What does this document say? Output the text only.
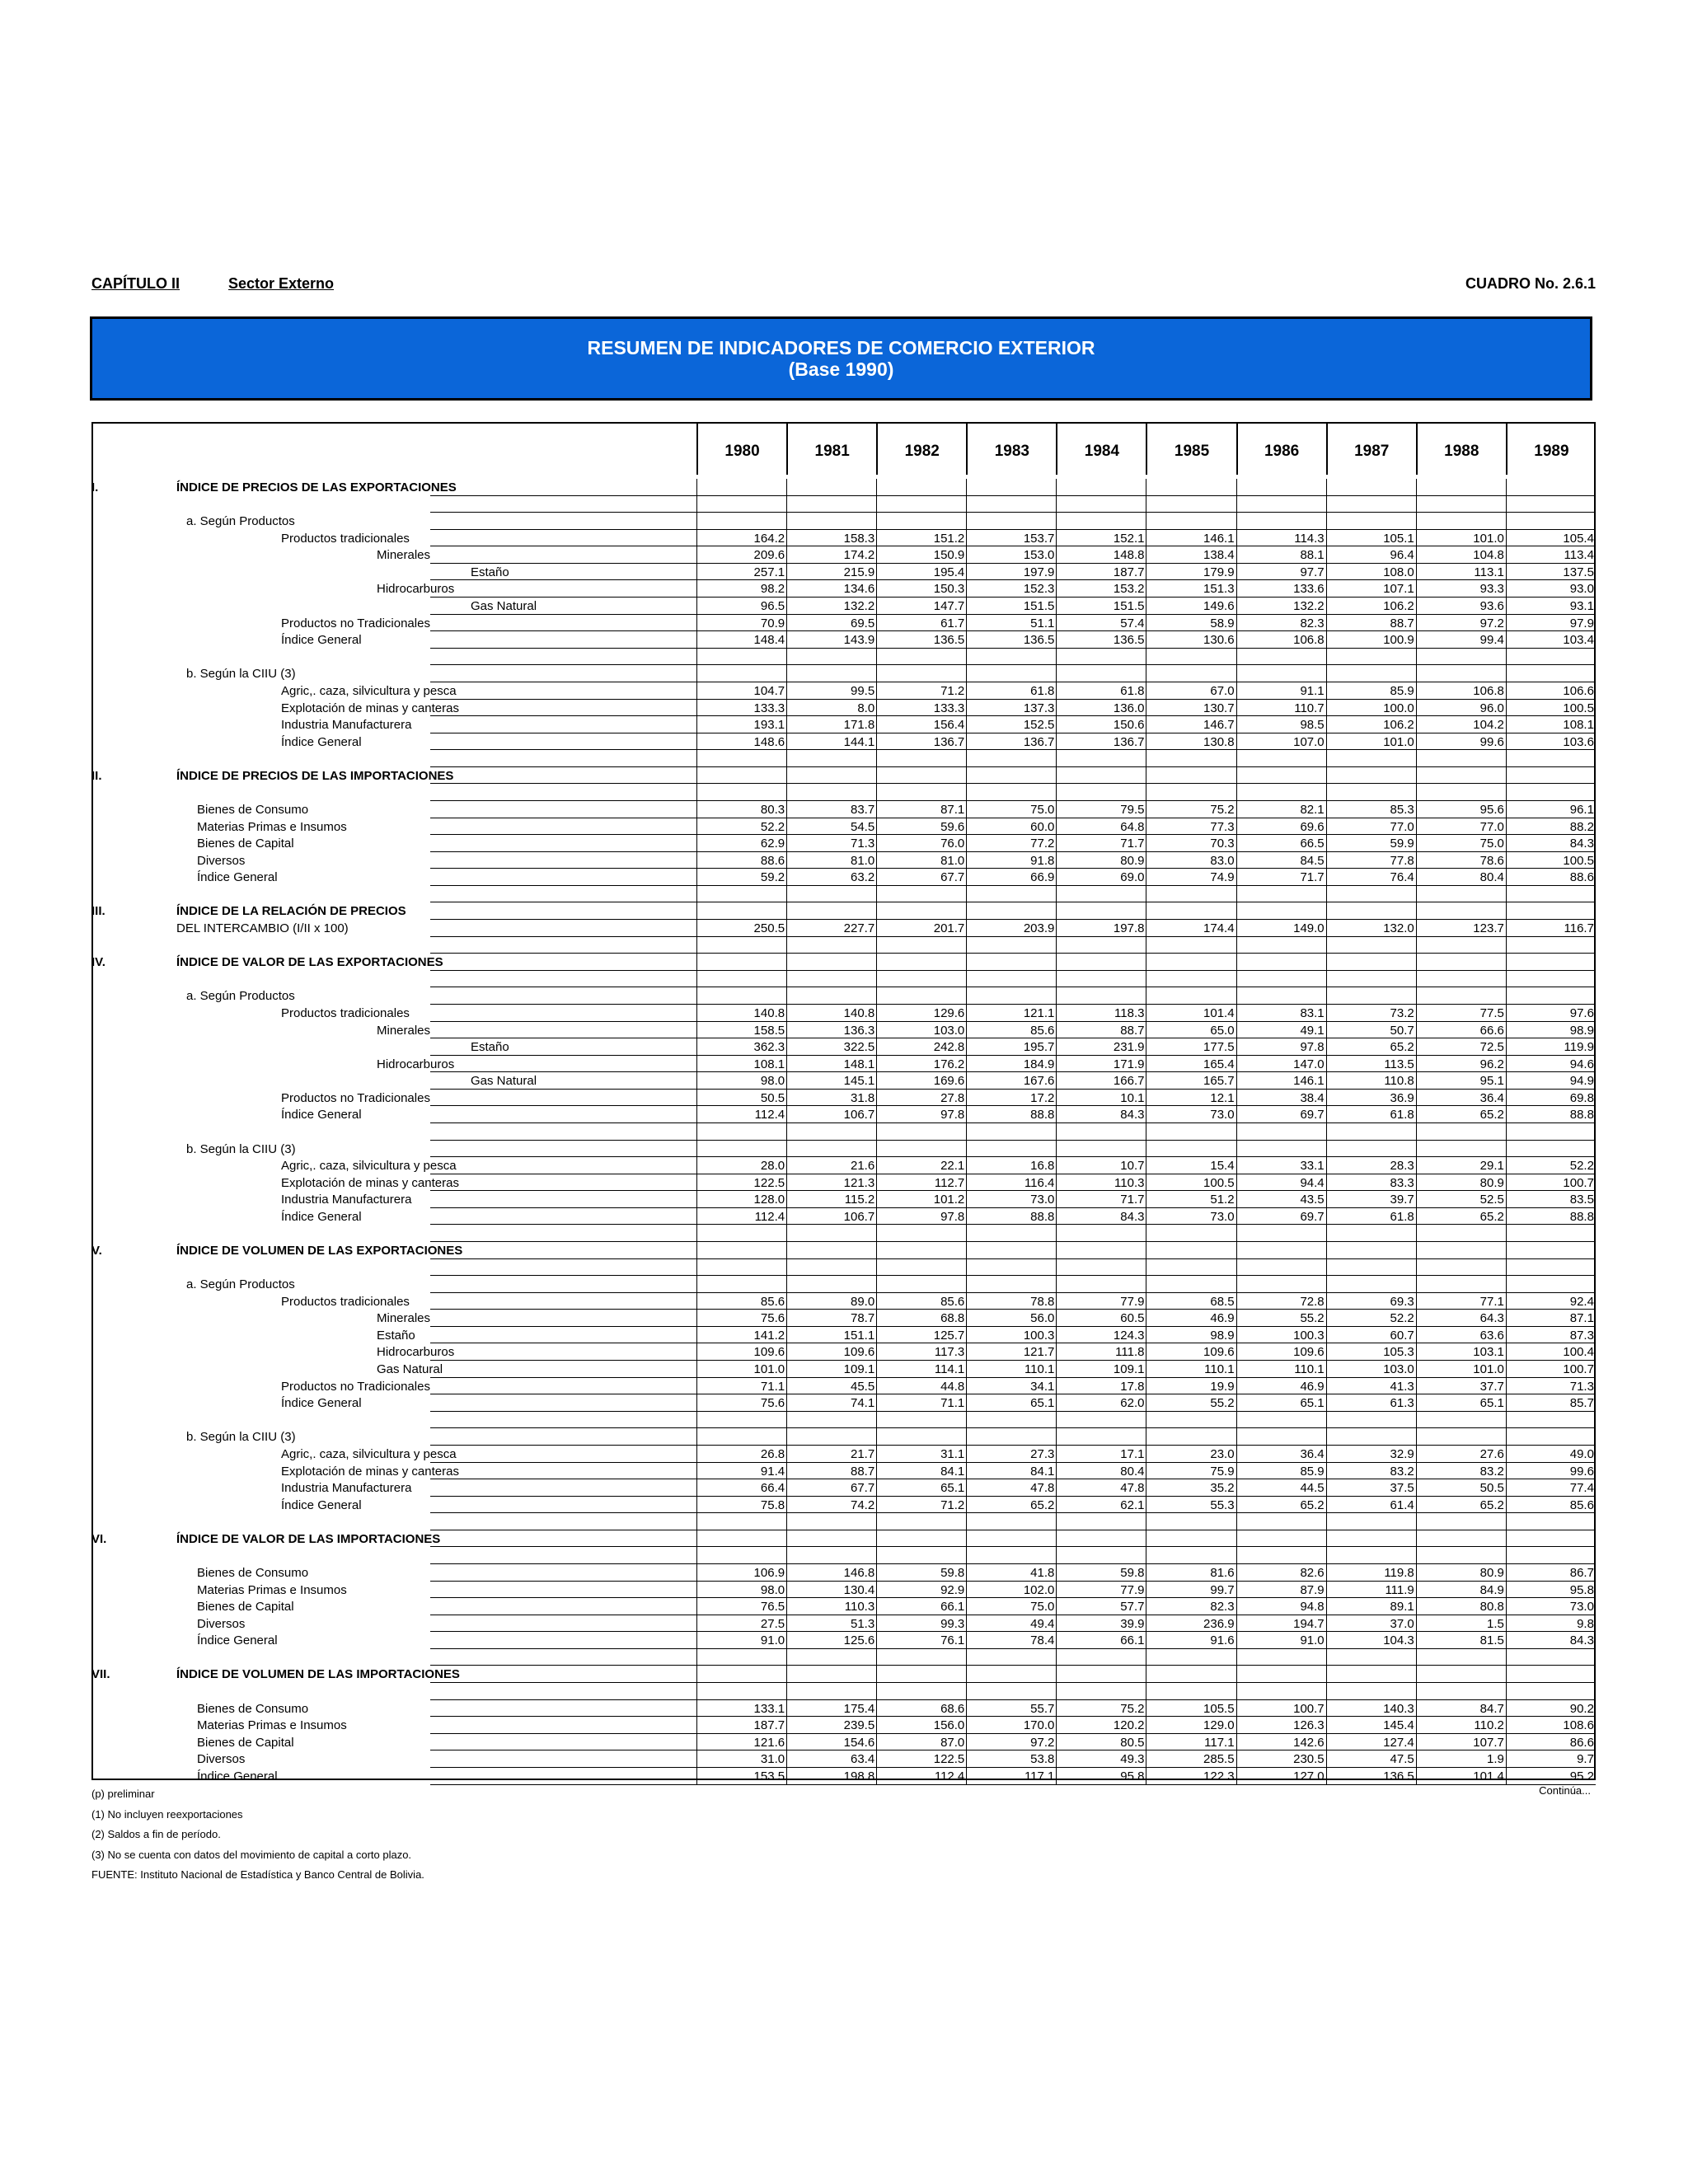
CAPÍTULO II	Sector Externo	CUADRO No. 2.6.1
RESUMEN DE INDICADORES DE COMERCIO EXTERIOR
(Base 1990)
1980	1981	1982	1983	1984	1985	1986	1987	1988	1989
I.	ÍNDICE DE PRECIOS DE LAS EXPORTACIONES
a. Según Productos
Productos tradicionales	164.2	158.3	151.2	153.7	152.1	146.1	114.3	105.1	101.0	105.4
Minerales	209.6	174.2	150.9	153.0	148.8	138.4	88.1	96.4	104.8	113.4
Estaño	257.1	215.9	195.4	197.9	187.7	179.9	97.7	108.0	113.1	137.5
Hidrocarburos	98.2	134.6	150.3	152.3	153.2	151.3	133.6	107.1	93.3	93.0
Gas Natural	96.5	132.2	147.7	151.5	151.5	149.6	132.2	106.2	93.6	93.1
Productos no Tradicionales	70.9	69.5	61.7	51.1	57.4	58.9	82.3	88.7	97.2	97.9
Índice General	148.4	143.9	136.5	136.5	136.5	130.6	106.8	100.9	99.4	103.4
b. Según la CIIU (3)
Agric,. caza, silvicultura y pesca	104.7	99.5	71.2	61.8	61.8	67.0	91.1	85.9	106.8	106.6
Explotación de minas y canteras	133.3	8.0	133.3	137.3	136.0	130.7	110.7	100.0	96.0	100.5
Industria Manufacturera	193.1	171.8	156.4	152.5	150.6	146.7	98.5	106.2	104.2	108.1
Índice General	148.6	144.1	136.7	136.7	136.7	130.8	107.0	101.0	99.6	103.6
II.	ÍNDICE DE PRECIOS DE LAS IMPORTACIONES
Bienes de Consumo	80.3	83.7	87.1	75.0	79.5	75.2	82.1	85.3	95.6	96.1
Materias Primas e Insumos	52.2	54.5	59.6	60.0	64.8	77.3	69.6	77.0	77.0	88.2
Bienes de Capital	62.9	71.3	76.0	77.2	71.7	70.3	66.5	59.9	75.0	84.3
Diversos	88.6	81.0	81.0	91.8	80.9	83.0	84.5	77.8	78.6	100.5
Índice General	59.2	63.2	67.7	66.9	69.0	74.9	71.7	76.4	80.4	88.6
III.	ÍNDICE DE LA RELACIÓN DE PRECIOS
DEL INTERCAMBIO (I/II x 100)	250.5	227.7	201.7	203.9	197.8	174.4	149.0	132.0	123.7	116.7
IV.	ÍNDICE DE VALOR DE LAS EXPORTACIONES
a. Según Productos
Productos tradicionales	140.8	140.8	129.6	121.1	118.3	101.4	83.1	73.2	77.5	97.6
Minerales	158.5	136.3	103.0	85.6	88.7	65.0	49.1	50.7	66.6	98.9
Estaño	362.3	322.5	242.8	195.7	231.9	177.5	97.8	65.2	72.5	119.9
Hidrocarburos	108.1	148.1	176.2	184.9	171.9	165.4	147.0	113.5	96.2	94.6
Gas Natural	98.0	145.1	169.6	167.6	166.7	165.7	146.1	110.8	95.1	94.9
Productos no Tradicionales	50.5	31.8	27.8	17.2	10.1	12.1	38.4	36.9	36.4	69.8
Índice General	112.4	106.7	97.8	88.8	84.3	73.0	69.7	61.8	65.2	88.8
b. Según la CIIU (3)
Agric,. caza, silvicultura y pesca	28.0	21.6	22.1	16.8	10.7	15.4	33.1	28.3	29.1	52.2
Explotación de minas y canteras	122.5	121.3	112.7	116.4	110.3	100.5	94.4	83.3	80.9	100.7
Industria Manufacturera	128.0	115.2	101.2	73.0	71.7	51.2	43.5	39.7	52.5	83.5
Índice General	112.4	106.7	97.8	88.8	84.3	73.0	69.7	61.8	65.2	88.8
V.	ÍNDICE DE VOLUMEN DE LAS EXPORTACIONES
a. Según Productos
Productos tradicionales	85.6	89.0	85.6	78.8	77.9	68.5	72.8	69.3	77.1	92.4
Minerales	75.6	78.7	68.8	56.0	60.5	46.9	55.2	52.2	64.3	87.1
Estaño	141.2	151.1	125.7	100.3	124.3	98.9	100.3	60.7	63.6	87.3
Hidrocarburos	109.6	109.6	117.3	121.7	111.8	109.6	109.6	105.3	103.1	100.4
Gas Natural	101.0	109.1	114.1	110.1	109.1	110.1	110.1	103.0	101.0	100.7
Productos no Tradicionales	71.1	45.5	44.8	34.1	17.8	19.9	46.9	41.3	37.7	71.3
Índice General	75.6	74.1	71.1	65.1	62.0	55.2	65.1	61.3	65.1	85.7
b. Según la CIIU (3)
Agric,. caza, silvicultura y pesca	26.8	21.7	31.1	27.3	17.1	23.0	36.4	32.9	27.6	49.0
Explotación de minas y canteras	91.4	88.7	84.1	84.1	80.4	75.9	85.9	83.2	83.2	99.6
Industria Manufacturera	66.4	67.7	65.1	47.8	47.8	35.2	44.5	37.5	50.5	77.4
Índice General	75.8	74.2	71.2	65.2	62.1	55.3	65.2	61.4	65.2	85.6
VI.	ÍNDICE DE VALOR DE LAS IMPORTACIONES
Bienes de Consumo	106.9	146.8	59.8	41.8	59.8	81.6	82.6	119.8	80.9	86.7
Materias Primas e Insumos	98.0	130.4	92.9	102.0	77.9	99.7	87.9	111.9	84.9	95.8
Bienes de Capital	76.5	110.3	66.1	75.0	57.7	82.3	94.8	89.1	80.8	73.0
Diversos	27.5	51.3	99.3	49.4	39.9	236.9	194.7	37.0	1.5	9.8
Índice General	91.0	125.6	76.1	78.4	66.1	91.6	91.0	104.3	81.5	84.3
VII.	ÍNDICE DE VOLUMEN DE LAS IMPORTACIONES
Bienes de Consumo	133.1	175.4	68.6	55.7	75.2	105.5	100.7	140.3	84.7	90.2
Materias Primas e Insumos	187.7	239.5	156.0	170.0	120.2	129.0	126.3	145.4	110.2	108.6
Bienes de Capital	121.6	154.6	87.0	97.2	80.5	117.1	142.6	127.4	107.7	86.6
Diversos	31.0	63.4	122.5	53.8	49.3	285.5	230.5	47.5	1.9	9.7
Índice General	153.5	198.8	112.4	117.1	95.8	122.3	127.0	136.5	101.4	95.2
(p) preliminar
(1) No incluyen reexportaciones
(2) Saldos a fin de período.
(3) No se cuenta con datos del movimiento de capital a corto plazo.
FUENTE: Instituto Nacional de Estadística y Banco Central de Bolivia.
Continúa...
